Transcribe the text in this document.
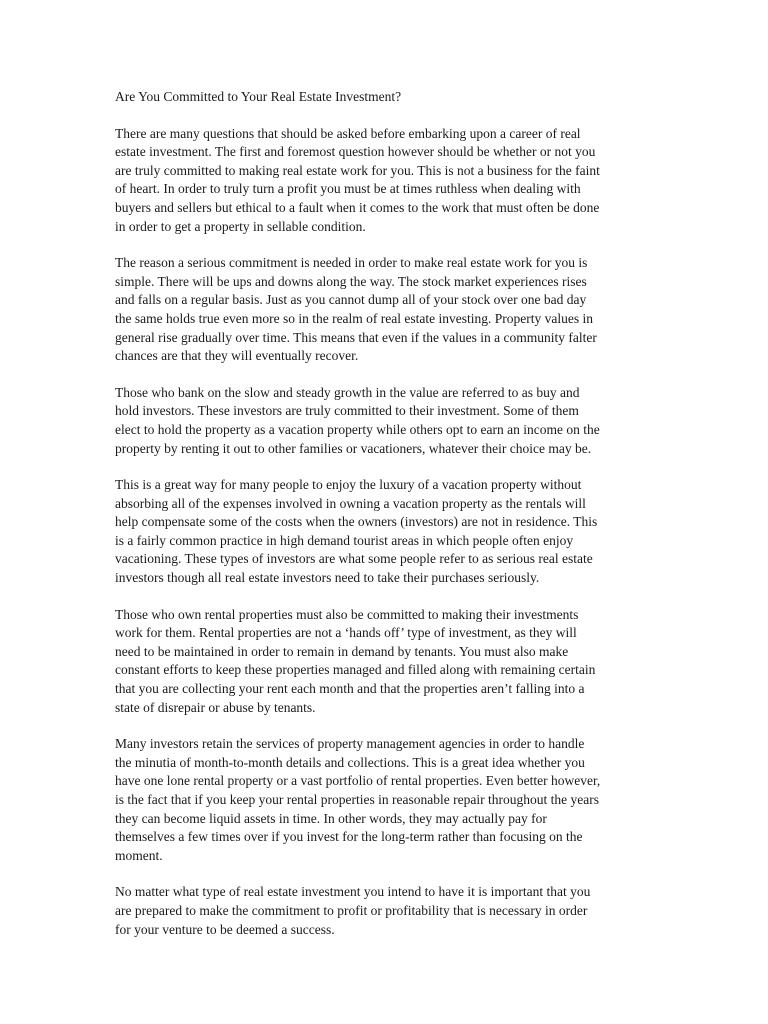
Are You Committed to Your Real Estate Investment?

There are many questions that should be asked before embarking upon a career of real
estate investment. The first and foremost question however should be whether or not you
are truly committed to making real estate work for you. This is not a business for the faint
of heart. In order to truly turn a profit you must be at times ruthless when dealing with
buyers and sellers but ethical to a fault when it comes to the work that must often be done
in order to get a property in sellable condition.

The reason a serious commitment is needed in order to make real estate work for you is
simple. There will be ups and downs along the way. The stock market experiences rises
and falls on a regular basis. Just as you cannot dump all of your stock over one bad day
the same holds true even more so in the realm of real estate investing. Property values in
general rise gradually over time. This means that even if the values in a community falter
chances are that they will eventually recover.

Those who bank on the slow and steady growth in the value are referred to as buy and
hold investors. These investors are truly committed to their investment. Some of them
elect to hold the property as a vacation property while others opt to earn an income on the
property by renting it out to other families or vacationers, whatever their choice may be.

This is a great way for many people to enjoy the luxury of a vacation property without
absorbing all of the expenses involved in owning a vacation property as the rentals will
help compensate some of the costs when the owners (investors) are not in residence. This
is a fairly common practice in high demand tourist areas in which people often enjoy
vacationing. These types of investors are what some people refer to as serious real estate
investors though all real estate investors need to take their purchases seriously.

Those who own rental properties must also be committed to making their investments
work for them. Rental properties are not a ‘hands off’ type of investment, as they will
need to be maintained in order to remain in demand by tenants. You must also make
constant efforts to keep these properties managed and filled along with remaining certain
that you are collecting your rent each month and that the properties aren’t falling into a
state of disrepair or abuse by tenants.

Many investors retain the services of property management agencies in order to handle
the minutia of month-to-month details and collections. This is a great idea whether you
have one lone rental property or a vast portfolio of rental properties. Even better however,
is the fact that if you keep your rental properties in reasonable repair throughout the years
they can become liquid assets in time. In other words, they may actually pay for
themselves a few times over if you invest for the long-term rather than focusing on the
moment.

No matter what type of real estate investment you intend to have it is important that you
are prepared to make the commitment to profit or profitability that is necessary in order
for your venture to be deemed a success.
